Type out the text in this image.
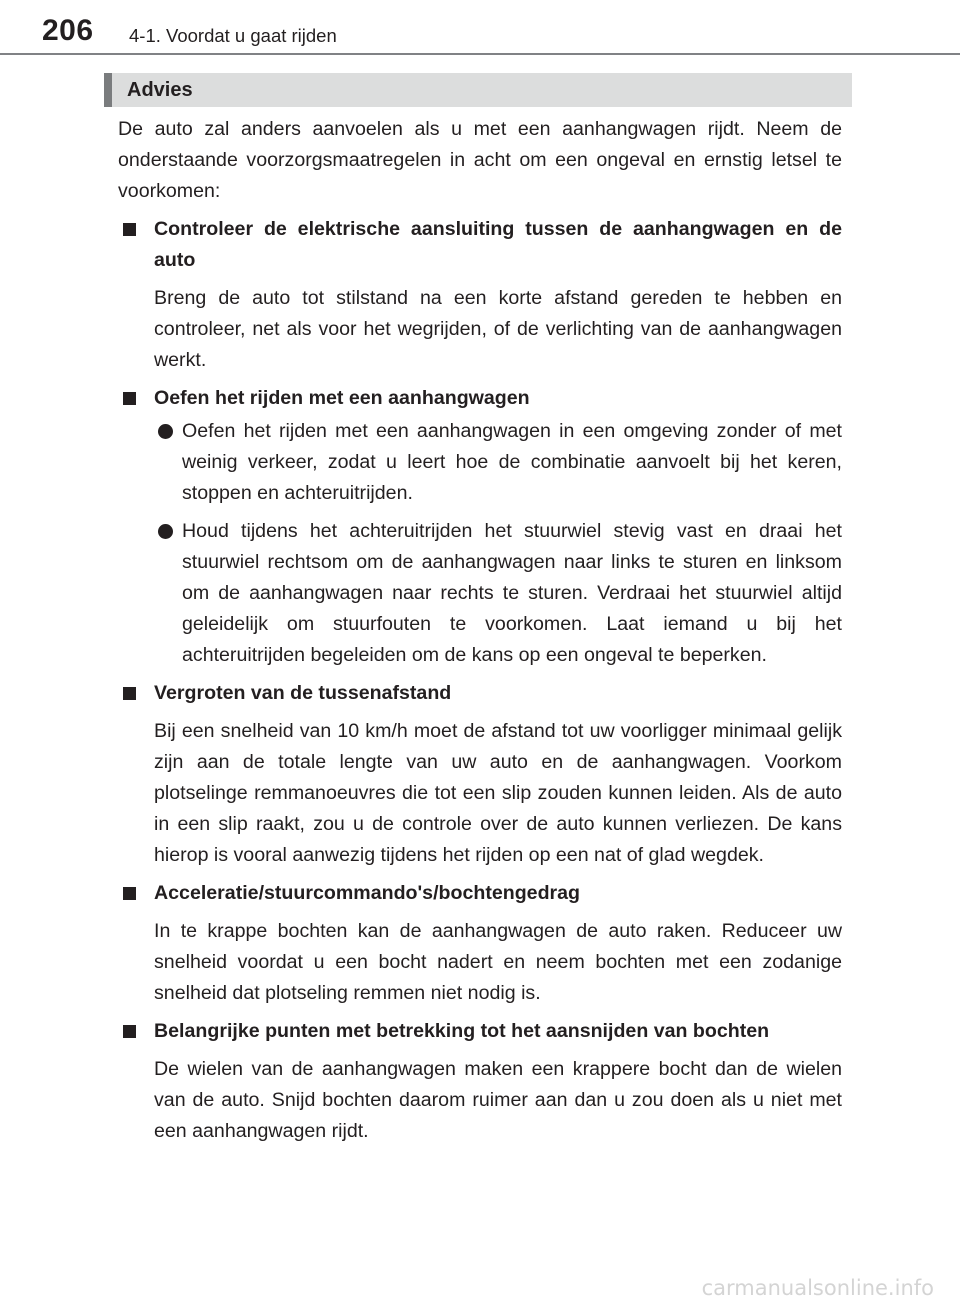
206 4-1. Voordat u gaat rijden
Advies

De auto zal anders aanvoelen als u met een aanhangwagen rijdt. Neem de onderstaande voorzorgsmaatregelen in acht om een ongeval en ernstig letsel te voorkomen:

Controleer de elektrische aansluiting tussen de aanhangwagen en de auto

Breng de auto tot stilstand na een korte afstand gereden te hebben en controleer, net als voor het wegrijden, of de verlichting van de aanhangwagen werkt.

Oefen het rijden met een aanhangwagen
Oefen het rijden met een aanhangwagen in een omgeving zonder of met weinig verkeer, zodat u leert hoe de combinatie aanvoelt bij het keren, stoppen en achteruitrijden.
Houd tijdens het achteruitrijden het stuurwiel stevig vast en draai het stuurwiel rechtsom om de aanhangwagen naar links te sturen en linksom om de aanhangwagen naar rechts te sturen. Verdraai het stuurwiel altijd geleidelijk om stuurfouten te voorkomen. Laat iemand u bij het achteruitrijden begeleiden om de kans op een ongeval te beperken.
Vergroten van de tussenafstand

Bij een snelheid van 10 km/h moet de afstand tot uw voorligger minimaal gelijk zijn aan de totale lengte van uw auto en de aanhangwagen. Voorkom plotselinge remmanoeuvres die tot een slip zouden kunnen leiden. Als de auto in een slip raakt, zou u de controle over de auto kunnen verliezen. De kans hierop is vooral aanwezig tijdens het rijden op een nat of glad wegdek.

Acceleratie/stuurcommando's/bochtengedrag

In te krappe bochten kan de aanhangwagen de auto raken. Reduceer uw snelheid voordat u een bocht nadert en neem bochten met een zodanige snelheid dat plotseling remmen niet nodig is.

Belangrijke punten met betrekking tot het aansnijden van bochten

De wielen van de aanhangwagen maken een krappere bocht dan de wielen van de auto. Snijd bochten daarom ruimer aan dan u zou doen als u niet met een aanhangwagen rijdt.

carmanualsonline.info
